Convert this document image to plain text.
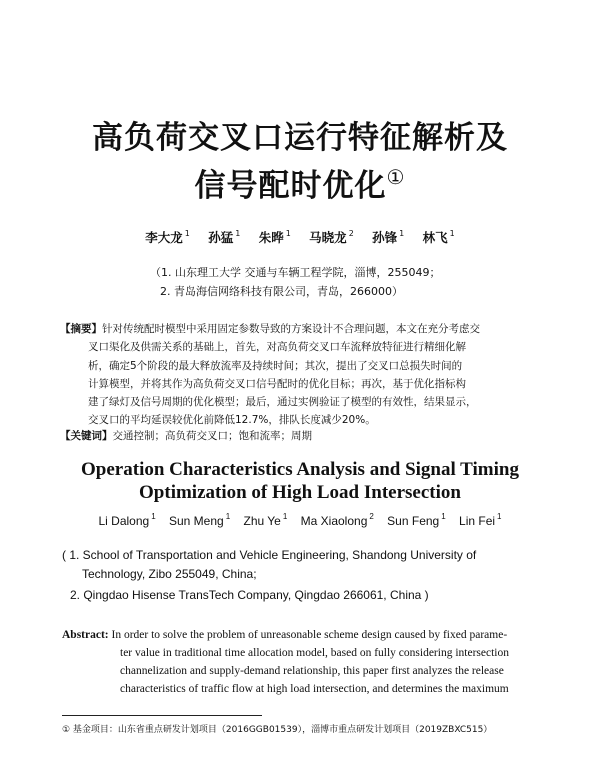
高负荷交叉口运行特征解析及
信号配时优化①
李大龙 $^1$ 孙猛 $^1$ 朱晔 $^1$ 马晓龙 $^2$ 孙锋 $^1$ 林飞 $^1$
（1. 山东理工大学 交通与车辆工程学院，淄博，255049；
2. 青岛海信网络科技有限公司，青岛，266000）
【摘要】针对传统配时模型中采用固定参数导致的方案设计不合理问题，本文在充分考虑交
叉口渠化及供需关系的基础上，首先，对高负荷交叉口车流释放特征进行精细化解
析，确定5个阶段的最大释放流率及持续时间；其次，提出了交叉口总损失时间的
计算模型，并将其作为高负荷交叉口信号配时的优化目标；再次，基于优化指标构
建了绿灯及信号周期的优化模型；最后，通过实例验证了模型的有效性，结果显示，
交叉口的平均延误较优化前降低12.7%，排队长度减少20%。
【关键词】交通控制；高负荷交叉口；饱和流率；周期
Operation Characteristics Analysis and Signal Timing
Optimization of High Load Intersection
Li Dalong $^1$ Sun Meng $^1$ Zhu Ye $^1$ Ma Xiaolong $^2$ Sun Feng $^1$ Lin Fei $^1$
( 1. School of Transportation and Vehicle Engineering, Shandong University of
Technology, Zibo 255049, China;
2. Qingdao Hisense TransTech Company, Qingdao 266061, China )
Abstract: In order to solve the problem of unreasonable scheme design caused by fixed parame-
ter value in traditional time allocation model, based on fully considering intersection
channelization and supply-demand relationship, this paper first analyzes the release
characteristics of traffic flow at high load intersection, and determines the maximum
① 基金项目：山东省重点研发计划项目（2016GGB01539），淄博市重点研发计划项目（2019ZBXC515）
